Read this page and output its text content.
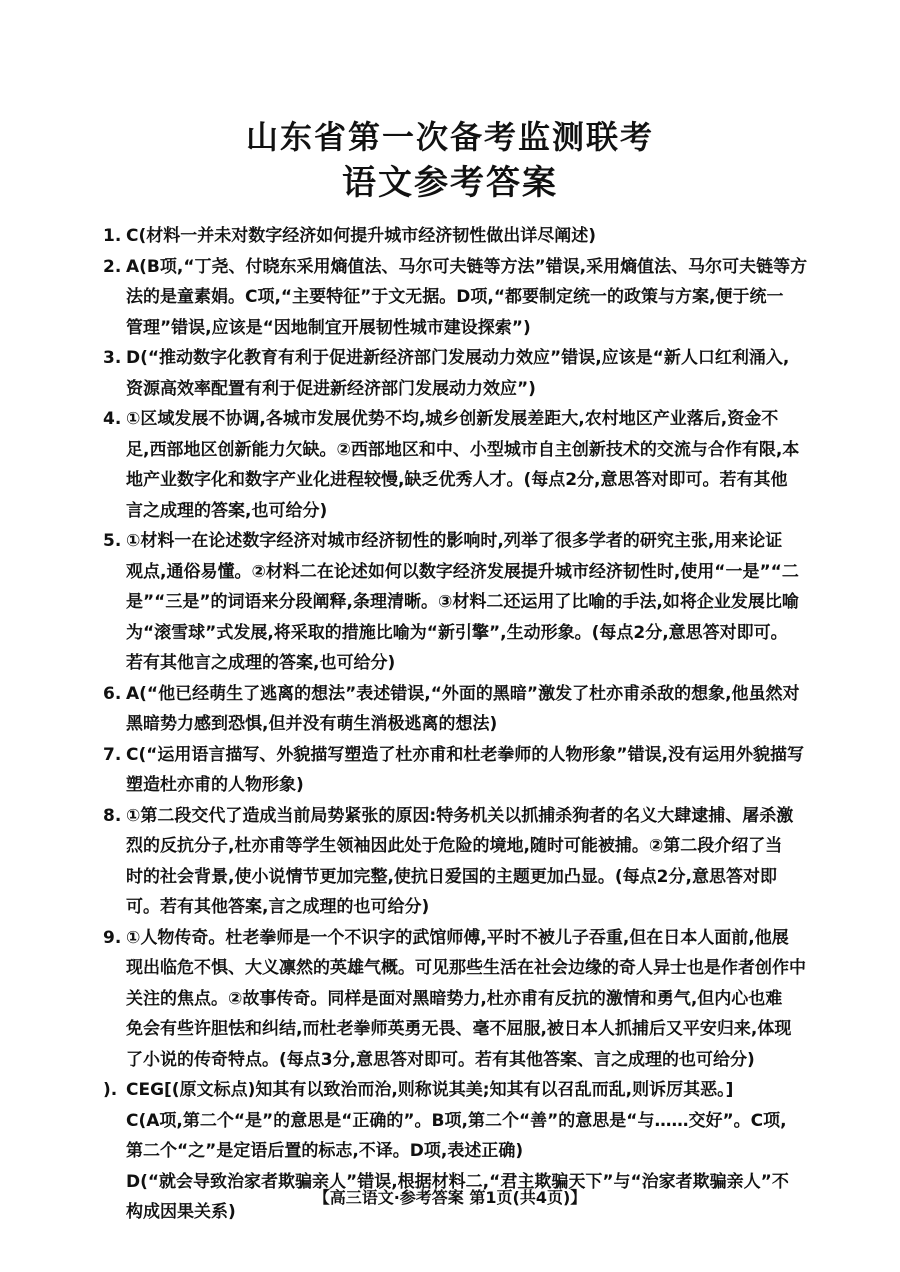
山东省第一次备考监测联考
语文参考答案
1. C(材料一并未对数字经济如何提升城市经济韧性做出详尽阐述)
2. A(B项,“丁尧、付晓东采用熵值法、马尔可夫链等方法”错误,采用熵值法、马尔可夫链等方
法的是童素娟。C项,“主要特征”于文无据。D项,“都要制定统一的政策与方案,便于统一
管理”错误,应该是“因地制宜开展韧性城市建设探索”)
3. D(“推动数字化教育有利于促进新经济部门发展动力效应”错误,应该是“新人口红利涌入,
资源高效率配置有利于促进新经济部门发展动力效应”)
4. ①区域发展不协调,各城市发展优势不均,城乡创新发展差距大,农村地区产业落后,资金不
足,西部地区创新能力欠缺。②西部地区和中、小型城市自主创新技术的交流与合作有限,本
地产业数字化和数字产业化进程较慢,缺乏优秀人才。(每点2分,意思答对即可。若有其他
言之成理的答案,也可给分)
5. ①材料一在论述数字经济对城市经济韧性的影响时,列举了很多学者的研究主张,用来论证
观点,通俗易懂。②材料二在论述如何以数字经济发展提升城市经济韧性时,使用“一是”“二
是”“三是”的词语来分段阐释,条理清晰。③材料二还运用了比喻的手法,如将企业发展比喻
为“滚雪球”式发展,将采取的措施比喻为“新引擎”,生动形象。(每点2分,意思答对即可。
若有其他言之成理的答案,也可给分)
6. A(“他已经萌生了逃离的想法”表述错误,“外面的黑暗”激发了杜亦甫杀敌的想象,他虽然对
黑暗势力感到恐惧,但并没有萌生消极逃离的想法)
7. C(“运用语言描写、外貌描写塑造了杜亦甫和杜老拳师的人物形象”错误,没有运用外貌描写
塑造杜亦甫的人物形象)
8. ①第二段交代了造成当前局势紧张的原因:特务机关以抓捕杀狗者的名义大肆逮捕、屠杀激
烈的反抗分子,杜亦甫等学生领袖因此处于危险的境地,随时可能被捕。②第二段介绍了当
时的社会背景,使小说情节更加完整,使抗日爱国的主题更加凸显。(每点2分,意思答对即
可。若有其他答案,言之成理的也可给分)
9. ①人物传奇。杜老拳师是一个不识字的武馆师傅,平时不被儿子吞重,但在日本人面前,他展
现出临危不惧、大义凛然的英雄气概。可见那些生活在社会边缘的奇人异士也是作者创作中
关注的焦点。②故事传奇。同样是面对黑暗势力,杜亦甫有反抗的激情和勇气,但内心也难
免会有些许胆怯和纠结,而杜老拳师英勇无畏、毫不屈服,被日本人抓捕后又平安归来,体现
了小说的传奇特点。(每点3分,意思答对即可。若有其他答案、言之成理的也可给分)
). CEG[(原文标点)知其有以致治而治,则称说其美;知其有以召乱而乱,则诉厉其恶。]
C(A项,第二个“是”的意思是“正确的”。B项,第二个“善”的意思是“与……交好”。C项,
第二个“之”是定语后置的标志,不译。D项,表述正确)
D(“就会导致治家者欺骗亲人”错误,根据材料二,“君主欺骗天下”与“治家者欺骗亲人”不
构成因果关系)
【高三语文·参考答案 第1页(共4页)】
